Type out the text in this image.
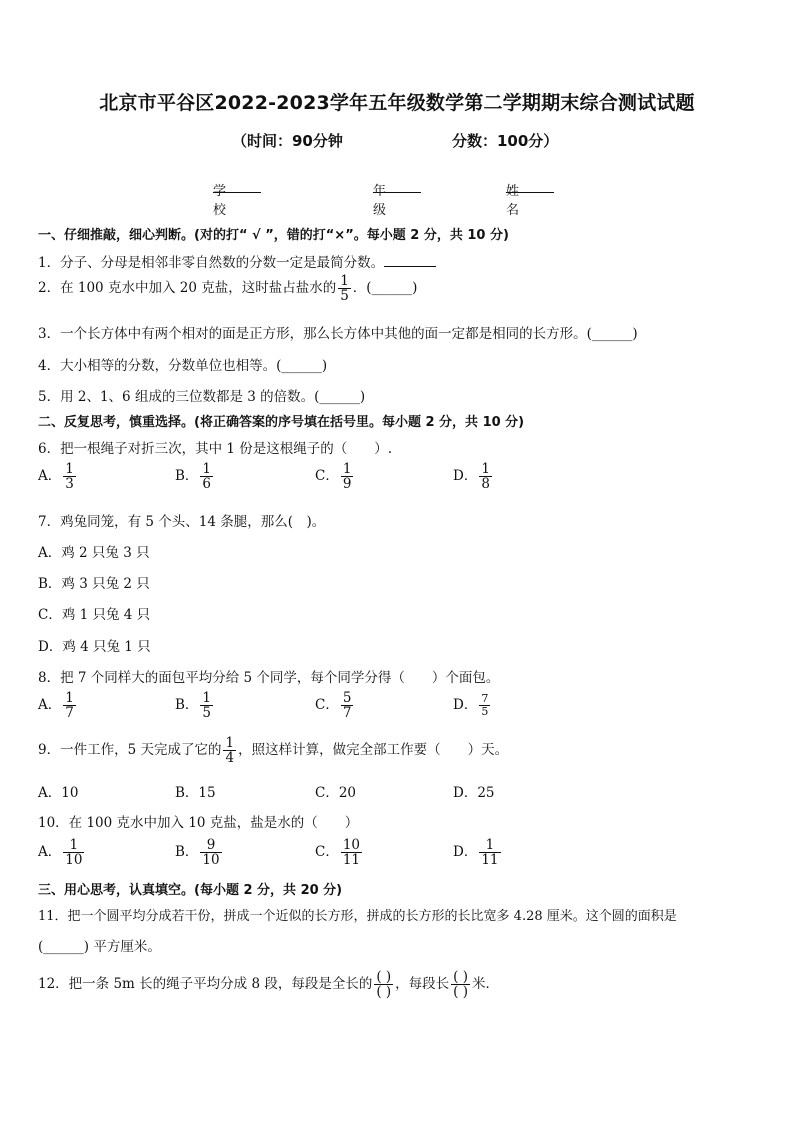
北京市平谷区2022-2023学年五年级数学第二学期期末综合测试试题
（时间：90分钟	分数：100分）
学校
年级
姓名
一、仔细推敲，细心判断。(对的打“ √ ”，错的打“×”。每小题 2 分，共 10 分)
1．分子、分母是相邻非零自然数的分数一定是最简分数。
2．在 100 克水中加入 20 克盐，这时盐占盐水的 $\frac{1}{5}$ ．(______)
3．一个长方体中有两个相对的面是正方形，那么长方体中其他的面一定都是相同的长方形。(______)
4．大小相等的分数，分数单位也相等。(______)
5．用 2、1、6 组成的三位数都是 3 的倍数。(______)
二、反复思考，慎重选择。(将正确答案的序号填在括号里。每小题 2 分，共 10 分)
6．把一根绳子对折三次，其中 1 份是这根绳子的（　　）.
A． $\frac{1}{3}$	B． $\frac{1}{6}$	C． $\frac{1}{9}$	D． $\frac{1}{8}$
7．鸡兔同笼，有 5 个头、14 条腿，那么(　)。
A．鸡 2 只兔 3 只
B．鸡 3 只兔 2 只
C．鸡 1 只兔 4 只
D．鸡 4 只兔 1 只
8．把 7 个同样大的面包平均分给 5 个同学，每个同学分得（　　）个面包。
A． $\frac{1}{7}$	B． $\frac{1}{5}$	C． $\frac{5}{7}$	D． $\frac{7}{5}$
9．一件工作，5 天完成了它的 $\frac{1}{4}$ ，照这样计算，做完全部工作要（　　）天。
A．10	B．15	C．20	D．25
10．在 100 克水中加入 10 克盐，盐是水的（　　）
A． $\frac{1}{10}$	B． $\frac{9}{10}$	C． $\frac{10}{11}$	D． $\frac{1}{11}$
三、用心思考，认真填空。(每小题 2 分，共 20 分)
11．把一个圆平均分成若干份，拼成一个近似的长方形，拼成的长方形的长比宽多 4.28 厘米。这个圆的面积是
(______) 平方厘米。
12．把一条 5m 长的绳子平均分成 8 段，每段是全长的 $\frac{( )}{( )}$ ，每段长 $\frac{( )}{( )}$ 米．
